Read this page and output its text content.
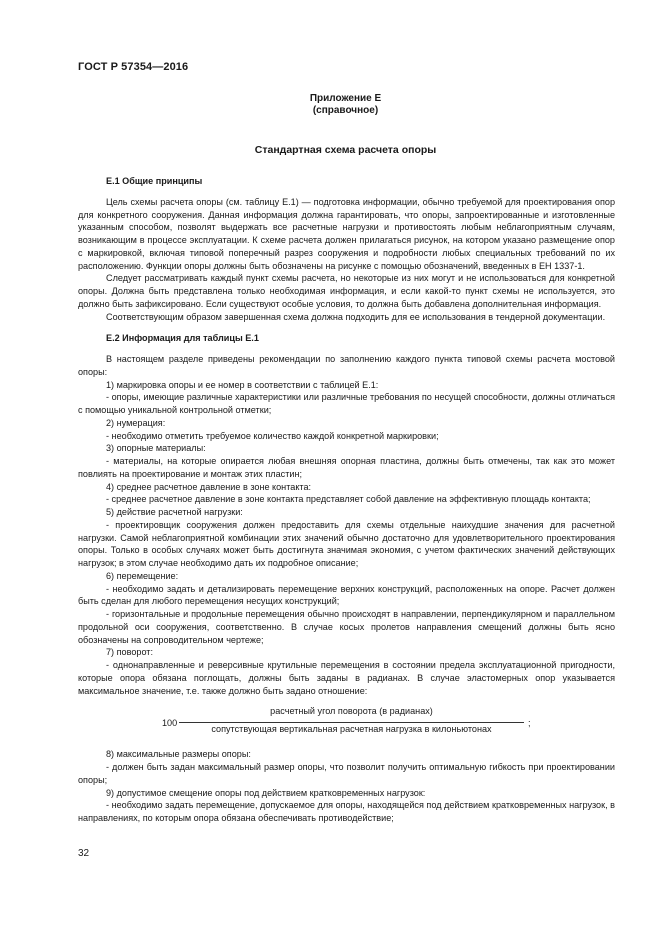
ГОСТ Р 57354—2016
Приложение Е
(справочное)
Стандартная схема расчета опоры

Е.1 Общие принципы

Цель схемы расчета опоры (см. таблицу Е.1) — подготовка информации, обычно требуемой для проектирования опор для конкретного сооружения. Данная информация должна гарантировать, что опоры, запроектированные и изготовленные указанным способом, позволят выдержать все расчетные нагрузки и противостоять любым неблагоприятным случаям, возникающим в процессе эксплуатации. К схеме расчета должен прилагаться рисунок, на котором указано размещение опор с маркировкой, включая типовой поперечный разрез сооружения и подробности любых специальных требований по их расположению. Функции опоры должны быть обозначены на рисунке с помощью обозначений, введенных в ЕН 1337-1.

Следует рассматривать каждый пункт схемы расчета, но некоторые из них могут и не использоваться для конкретной опоры. Должна быть представлена только необходимая информация, и если какой-то пункт схемы не используется, это должно быть зафиксировано. Если существуют особые условия, то должна быть добавлена дополнительная информация.

Соответствующим образом завершенная схема должна подходить для ее использования в тендерной документации.

Е.2 Информация для таблицы Е.1

В настоящем разделе приведены рекомендации по заполнению каждого пункта типовой схемы расчета мостовой опоры:

1) маркировка опоры и ее номер в соответствии с таблицей Е.1:

- опоры, имеющие различные характеристики или различные требования по несущей способности, должны отличаться с помощью уникальной контрольной отметки;

2) нумерация:

- необходимо отметить требуемое количество каждой конкретной маркировки;

3) опорные материалы:

- материалы, на которые опирается любая внешняя опорная пластина, должны быть отмечены, так как это может повлиять на проектирование и монтаж этих пластин;

4) среднее расчетное давление в зоне контакта:

- среднее расчетное давление в зоне контакта представляет собой давление на эффективную площадь контакта;

5) действие расчетной нагрузки:

- проектировщик сооружения должен предоставить для схемы отдельные наихудшие значения для расчетной нагрузки. Самой неблагоприятной комбинации этих значений обычно достаточно для удовлетворительного проектирования опоры. Только в особых случаях может быть достигнута значимая экономия, с учетом фактических значений действующих нагрузок; в этом случае необходимо дать их подробное описание;

6) перемещение:

- необходимо задать и детализировать перемещение верхних конструкций, расположенных на опоре. Расчет должен быть сделан для любого перемещения несущих конструкций;

- горизонтальные и продольные перемещения обычно происходят в направлении, перпендикулярном и параллельном продольной оси сооружения, соответственно. В случае косых пролетов направления смещений должны быть ясно обозначены на сопроводительном чертеже;

7) поворот:

- однонаправленные и реверсивные крутильные перемещения в состоянии предела эксплуатационной пригодности, которые опора обязана поглощать, должны быть заданы в радианах. В случае эластомерных опор указывается максимальное значение, т.е. также должно быть задано отношение:

100
расчетный угол поворота (в радианах)
сопутствующая вертикальная расчетная нагрузка в килоньютонах
;

8) максимальные размеры опоры:

- должен быть задан максимальный размер опоры, что позволит получить оптимальную гибкость при проектировании опоры;

9) допустимое смещение опоры под действием кратковременных нагрузок:

- необходимо задать перемещение, допускаемое для опоры, находящейся под действием кратковременных нагрузок, в направлениях, по которым опора обязана обеспечивать противодействие;

32
